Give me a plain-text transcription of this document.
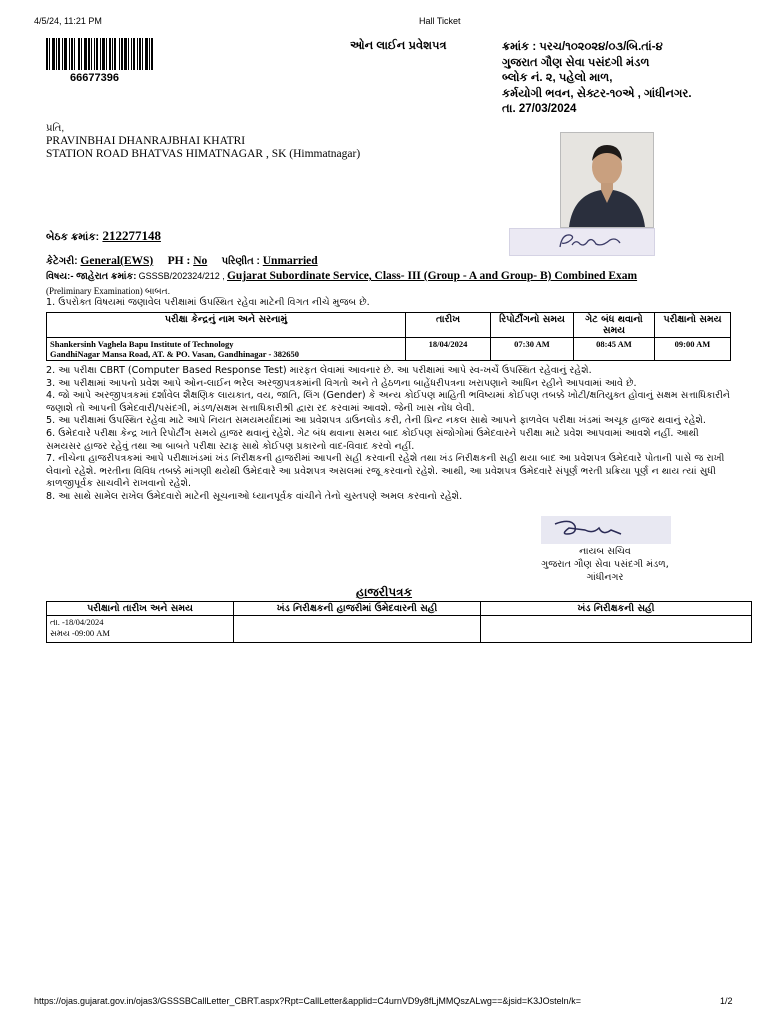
4/5/24, 11:21 PM	Hall Ticket
66677396
ઓન લાઈન પ્રવેશપત્ર	ક્રમાંક : પરચ/૧૦૨૦૨૪/૦૩/બિ.તાં-૪
ગુજરાત ગૌણ સેવા પસંદગી મંડળ
બ્લોક નં. ૨, પહેલો માળ,
કર્મયોગી ભવન, સેક્ટર-૧૦એ , ગાંધીનગર.
તા. 27/03/2024
પ્રતિ,
PRAVINBHAI DHANRAJBHAI KHATRI
STATION ROAD BHATVAS HIMATNAGAR , SK (Himmatnagar)
બેઠક ક્રમાંક: 212277148
કેટેગરી: General(EWS) PH : No પરિણીત : Unmarried
વિષય:- જાહેરાત ક્રમાંક: GSSSB/202324/212 , Gujarat Subordinate Service, Class- III (Group - A and Group- B) Combined Exam
(Preliminary Examination) બાબત.
1. ઉપરોક્ત વિષયમાં જણાવેલ પરીક્ષામાં ઉપસ્થિત રહેવા માટેની વિગત નીચે મુજબ છે.
પરીક્ષા કેન્દ્રનું નામ અને સરનામું	તારીખ	રિપોર્ટીંગનો સમય	ગેટ બંધ થવાનો સમય	પરીક્ષાનો સમય

Shankersinh Vaghela Bapu Institute of Technology
GandhiNagar Mansa Road, AT. & PO. Vasan, Gandhinagar - 382650	18/04/2024	07:30 AM	08:45 AM	09:00 AM

2. આ પરીક્ષા CBRT (Computer Based Response Test) મારફત લેવામાં આવનાર છે. આ પરીક્ષામાં આપે સ્વ-ખર્ચે ઉપસ્થિત રહેવાનું રહેશે.

3. આ પરીક્ષામાં આપનો પ્રવેશ આપે ઓન-લાઈન ભરેલ અરજીપત્રકમાંની વિગતો અને તે હેઠળના બાહેંધરીપત્રના ખરાપણાને આધિન રહીને આપવામાં આવે છે.

4. જો આપે અરજીપત્રકમાં દર્શાવેલ શૈક્ષણિક લાયકાત, વય, જાતિ, લિંગ (Gender) કે અન્ય કોઈપણ માહિતી ભવિષ્યમાં કોઈપણ તબક્કે ખોટી/ક્ષતિયુક્ત હોવાનું સક્ષમ સત્તાધિકારીને જણાશે તો આપની ઉમેદવારી/પસંદગી, મંડળ/સક્ષમ સત્તાધિકારીશ્રી દ્વારા રદ કરવામાં આવશે. જેની ખાસ નોંધ લેવી.

5. આ પરીક્ષામાં ઉપસ્થિત રહેવા માટે આપે નિયત સમયમર્યાદામાં આ પ્રવેશપત્ર ડાઉનલોડ કરી, તેની પ્રિન્ટ નકલ સાથે આપને ફાળવેલ પરીક્ષા ખંડમાં અચૂક હાજર થવાનું રહેશે.

6. ઉમેદવારે પરીક્ષા કેન્દ્ર ખાતે રિપોર્ટીંગ સમયે હાજર થવાનું રહેશે. ગેટ બંધ થવાના સમય બાદ કોઈપણ સંજોગોમાં ઉમેદવારને પરીક્ષા માટે પ્રવેશ આપવામાં આવશે નહીં. આથી સમયસર હાજર રહેવું તથા આ બાબતે પરીક્ષા સ્ટાફ સાથે કોઈપણ પ્રકારનો વાદ-વિવાદ કરવો નહીં.

7. નીચેના હાજરીપત્રકમાં આપે પરીક્ષાખંડમાં ખંડ નિરીક્ષકની હાજરીમાં આપની સહી કરવાની રહેશે તથા ખંડ નિરીક્ષકની સહી થયા બાદ આ પ્રવેશપત્ર ઉમેદવારે પોતાની પાસે જ રાખી લેવાનો રહેશે. ભરતીના વિવિધ તબક્કે માંગણી થયેથી ઉમેદવારે આ પ્રવેશપત્ર અસલમાં રજૂ કરવાનો રહેશે. આથી, આ પ્રવેશપત્ર ઉમેદવારે સંપૂર્ણ ભરતી પ્રક્રિયા પૂર્ણ ન થાય ત્યાં સુધી કાળજીપૂર્વક સાચવીને રાખવાનો રહેશે.

8. આ સાથે સામેલ રાખેલ ઉમેદવારો માટેની સૂચનાઓ ધ્યાનપૂર્વક વાંચીને તેનો ચુસ્તપણે અમલ કરવાનો રહેશે.

નાયબ સચિવ
ગુજરાત ગૌણ સેવા પસંદગી મંડળ,
ગાંધીનગર
હાજરીપત્રક
પરીક્ષાનો તારીખ અને સમય	ખંડ નિરીક્ષકની હાજરીમાં ઉમેદવારની સહી	ખંડ નિરીક્ષકની સહી

તા. -18/04/2024
સમય -09:00 AM		

https://ojas.gujarat.gov.in/ojas3/GSSSBCallLetter_CBRT.aspx?Rpt=CallLetter&applid=C4urnVD9y8fLjMMQszALwg==&jsid=K3JOsteln/k=	1/2
